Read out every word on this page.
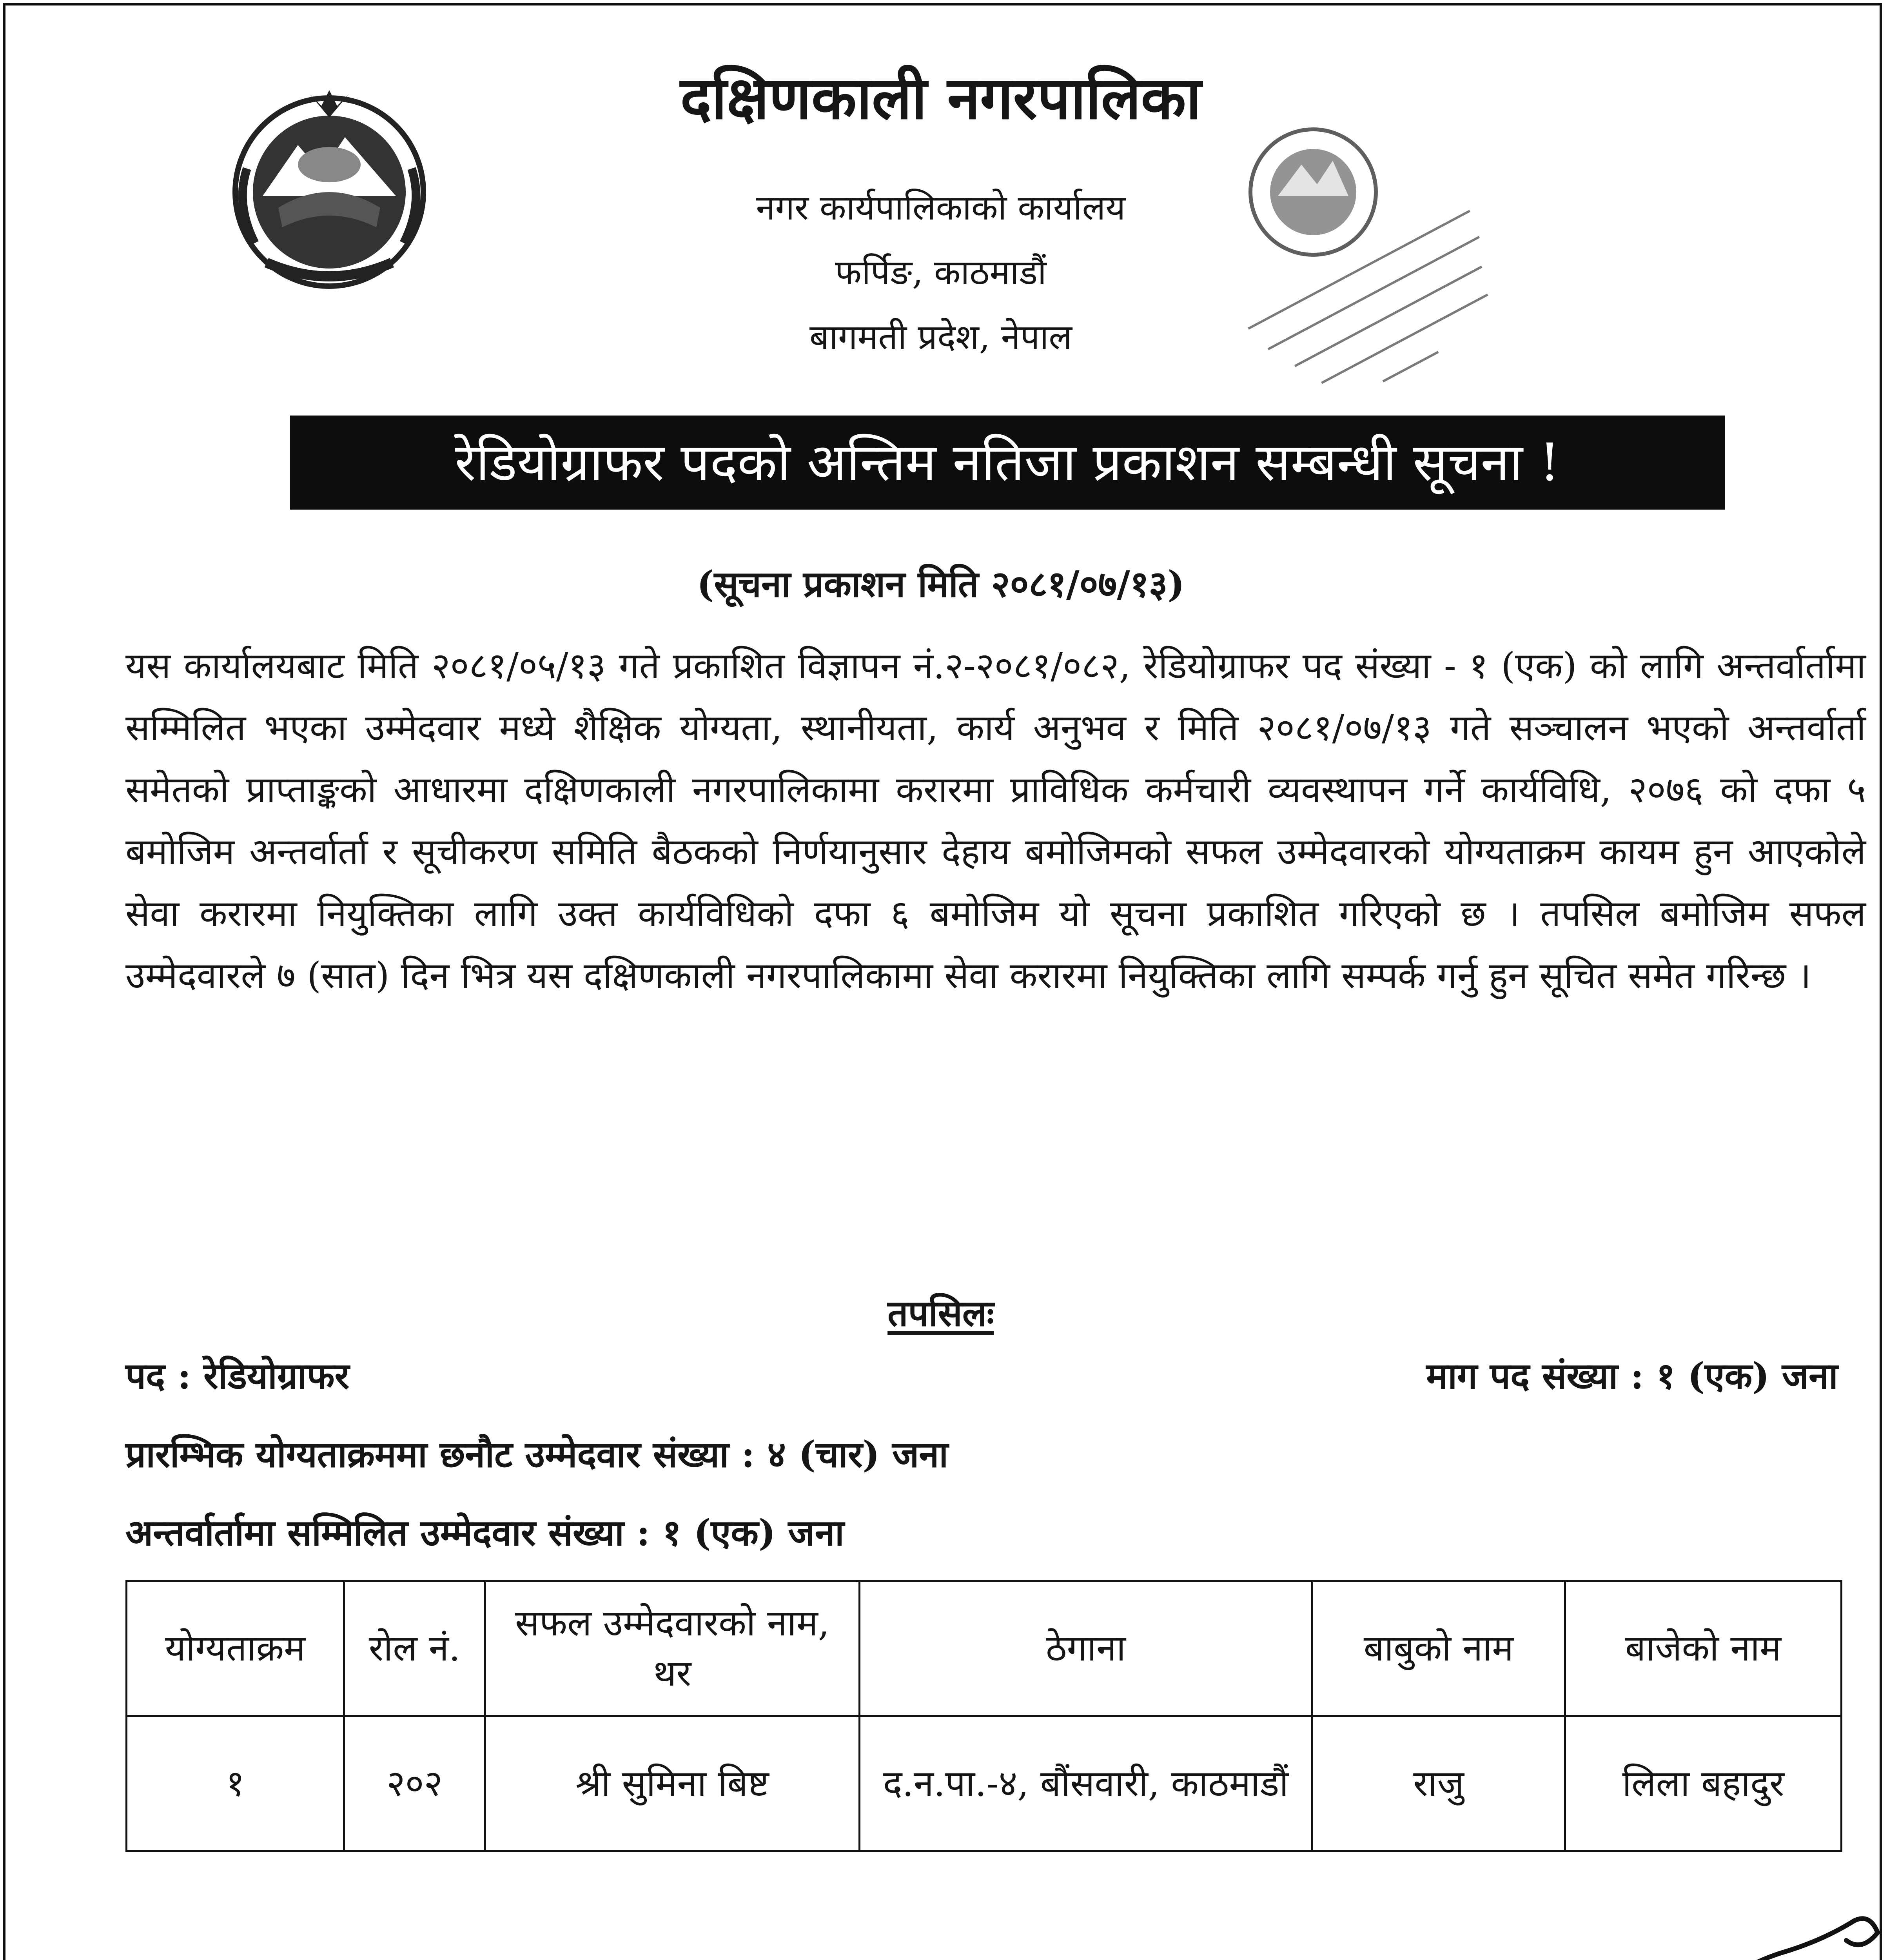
दक्षिणकाली नगरपालिका
नगर कार्यपालिकाको कार्यालय
फर्पिङ, काठमाडौं
बागमती प्रदेश, नेपाल
रेडियोग्राफर पदको अन्तिम नतिजा प्रकाशन सम्बन्धी सूचना !
(सूचना प्रकाशन मिति २०८१/०७/१३)
यस कार्यालयबाट मिति २०८१/०५/१३ गते प्रकाशित विज्ञापन नं.२-२०८१/०८२, रेडियोग्राफर पद संख्या - १ (एक) को लागि अन्तर्वार्तामा सम्मिलित भएका उम्मेदवार मध्ये शैक्षिक योग्यता, स्थानीयता, कार्य अनुभव र मिति २०८१/०७/१३ गते सञ्चालन भएको अन्तर्वार्ता समेतको प्राप्ताङ्कको आधारमा दक्षिणकाली नगरपालिकामा करारमा प्राविधिक कर्मचारी व्यवस्थापन गर्ने कार्यविधि, २०७६ को दफा ५ बमोजिम अन्तर्वार्ता र सूचीकरण समिति बैठकको निर्णयानुसार देहाय बमोजिमको सफल उम्मेदवारको योग्यताक्रम कायम हुन आएकोले सेवा करारमा नियुक्तिका लागि उक्त कार्यविधिको दफा ६ बमोजिम यो सूचना प्रकाशित गरिएको छ । तपसिल बमोजिम सफल उम्मेदवारले ७ (सात) दिन भित्र यस दक्षिणकाली नगरपालिकामा सेवा करारमा नियुक्तिका लागि सम्पर्क गर्नु हुन सूचित समेत गरिन्छ ।
तपसिलः
पद : रेडियोग्राफर	माग पद संख्या : १ (एक) जना
प्रारम्भिक योग्यताक्रममा छनौट उम्मेदवार संख्या : ४ (चार) जना
अन्तर्वार्तामा सम्मिलित उम्मेदवार संख्या : १ (एक) जना
योग्यताक्रम	रोल नं.	सफल उम्मेदवारको नाम, थर	ठेगाना	बाबुको नाम	बाजेको नाम
१	२०२	श्री सुमिना बिष्ट	द.न.पा.-४, बौंसवारी, काठमाडौं	राजु	लिला बहादुर
